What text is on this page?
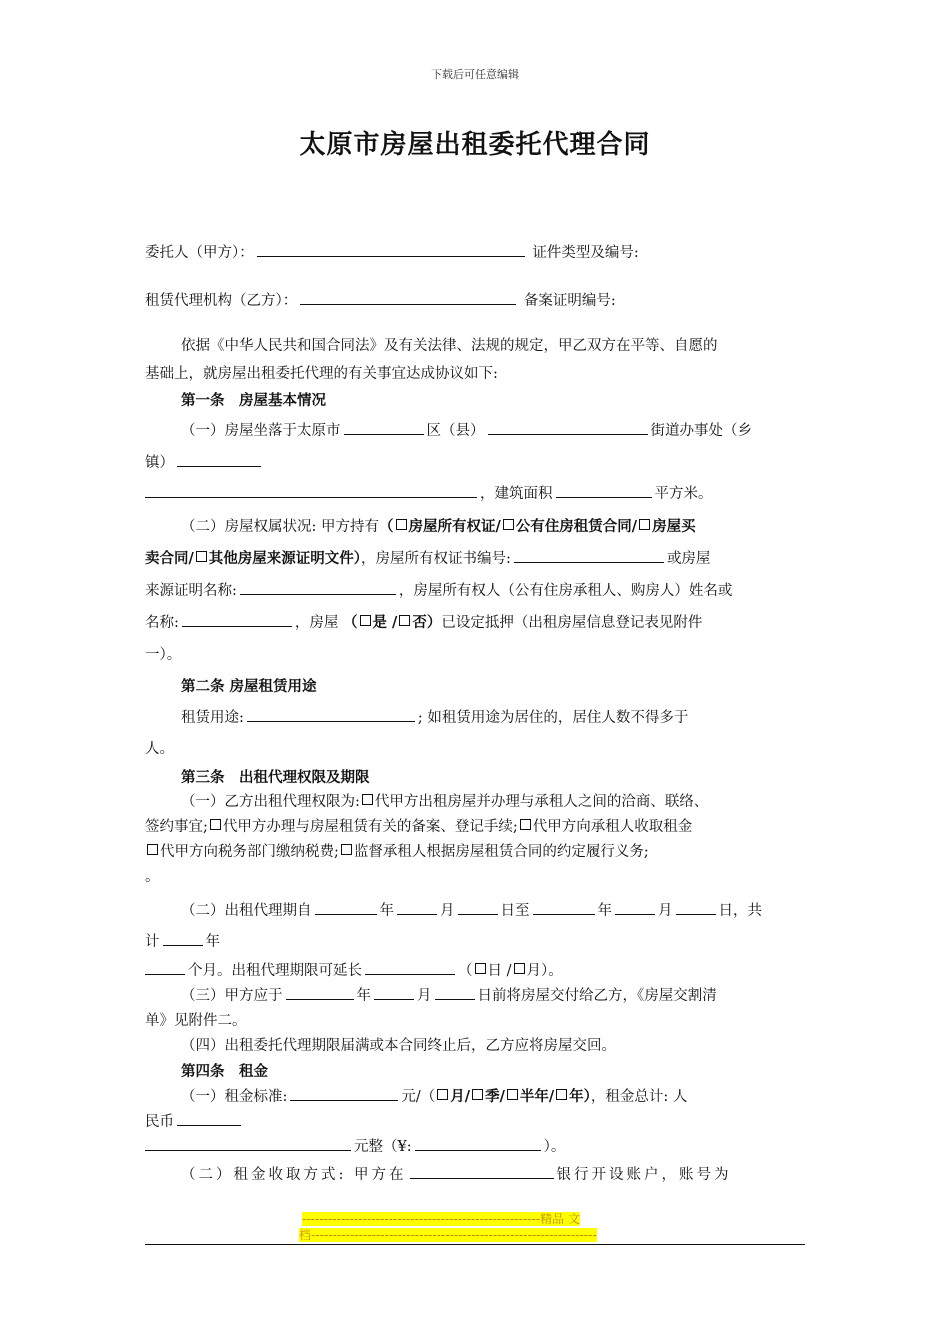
下载后可任意编辑
太原市房屋出租委托代理合同
委托人（甲方）：	证件类型及编号:
租赁代理机构（乙方）：	备案证明编号:
依据《中华人民共和国合同法》及有关法律、法规的规定，甲乙双方在平等、自愿的
基础上，就房屋出租委托代理的有关事宜达成协议如下:
第一条　房屋基本情况
（一）房屋坐落于太原市	区（县）	街道办事处（乡
镇）
，建筑面积	平方米。
（二）房屋权属状况: 甲方持有（ 房屋所有权证/ 公有住房租赁合同/ 房屋买
卖合同/ 其他房屋来源证明文件），房屋所有权证书编号:	或房屋
来源证明名称:	，房屋所有权人（公有住房承租人、购房人）姓名或
名称:	，房屋 （ 是 / 否）已设定抵押（出租房屋信息登记表见附件
一）。
第二条 房屋租赁用途
租赁用途:	; 如租赁用途为居住的，居住人数不得多于
人。
第三条　出租代理权限及期限
（一）乙方出租代理权限为: 代甲方出租房屋并办理与承租人之间的洽商、联络、
签约事宜; 代甲方办理与房屋租赁有关的备案、登记手续; 代甲方向承租人收取租金
代甲方向税务部门缴纳税费; 监督承租人根据房屋租赁合同的约定履行义务;
。
（二）出租代理期自	年	月	日至	年	月	日，共
计	年
个月。出租代理期限可延长	（ 日 / 月）。
（三）甲方应于	年	月	日前将房屋交付给乙方，《房屋交割清
单》见附件二。
（四）出租委托代理期限届满或本合同终止后，乙方应将房屋交回。
第四条　租金
（一）租金标准:	元/（ 月/ 季/ 半年/ 年），租金总计: 人
民币
元整（¥:	）。
（二）租金收取方式: 甲方在	银行开设账户，账号为
-------------------------------------------------------精品 文
档------------------------------------------------------------------
